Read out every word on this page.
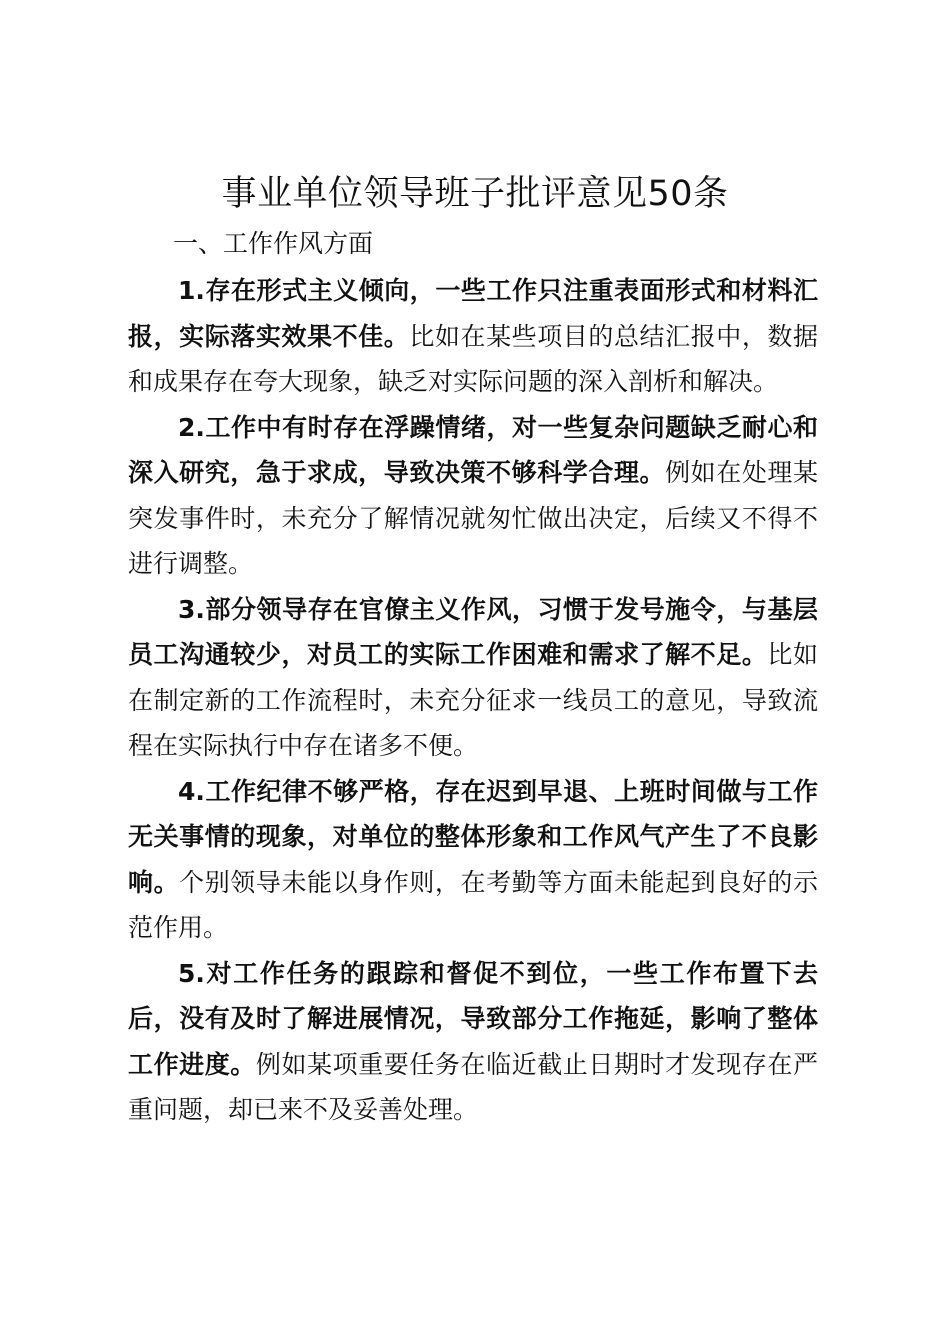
事业单位领导班子批评意见50条

一、工作作风方面

1.存在形式主义倾向，一些工作只注重表面形式和材料汇报，实际落实效果不佳。比如在某些项目的总结汇报中，数据和成果存在夸大现象，缺乏对实际问题的深入剖析和解决。

2.工作中有时存在浮躁情绪，对一些复杂问题缺乏耐心和深入研究，急于求成，导致决策不够科学合理。例如在处理某突发事件时，未充分了解情况就匆忙做出决定，后续又不得不进行调整。

3.部分领导存在官僚主义作风，习惯于发号施令，与基层员工沟通较少，对员工的实际工作困难和需求了解不足。比如在制定新的工作流程时，未充分征求一线员工的意见，导致流程在实际执行中存在诸多不便。

4.工作纪律不够严格，存在迟到早退、上班时间做与工作无关事情的现象，对单位的整体形象和工作风气产生了不良影响。个别领导未能以身作则，在考勤等方面未能起到良好的示范作用。

5.对工作任务的跟踪和督促不到位，一些工作布置下去后，没有及时了解进展情况，导致部分工作拖延，影响了整体工作进度。例如某项重要任务在临近截止日期时才发现存在严重问题，却已来不及妥善处理。
